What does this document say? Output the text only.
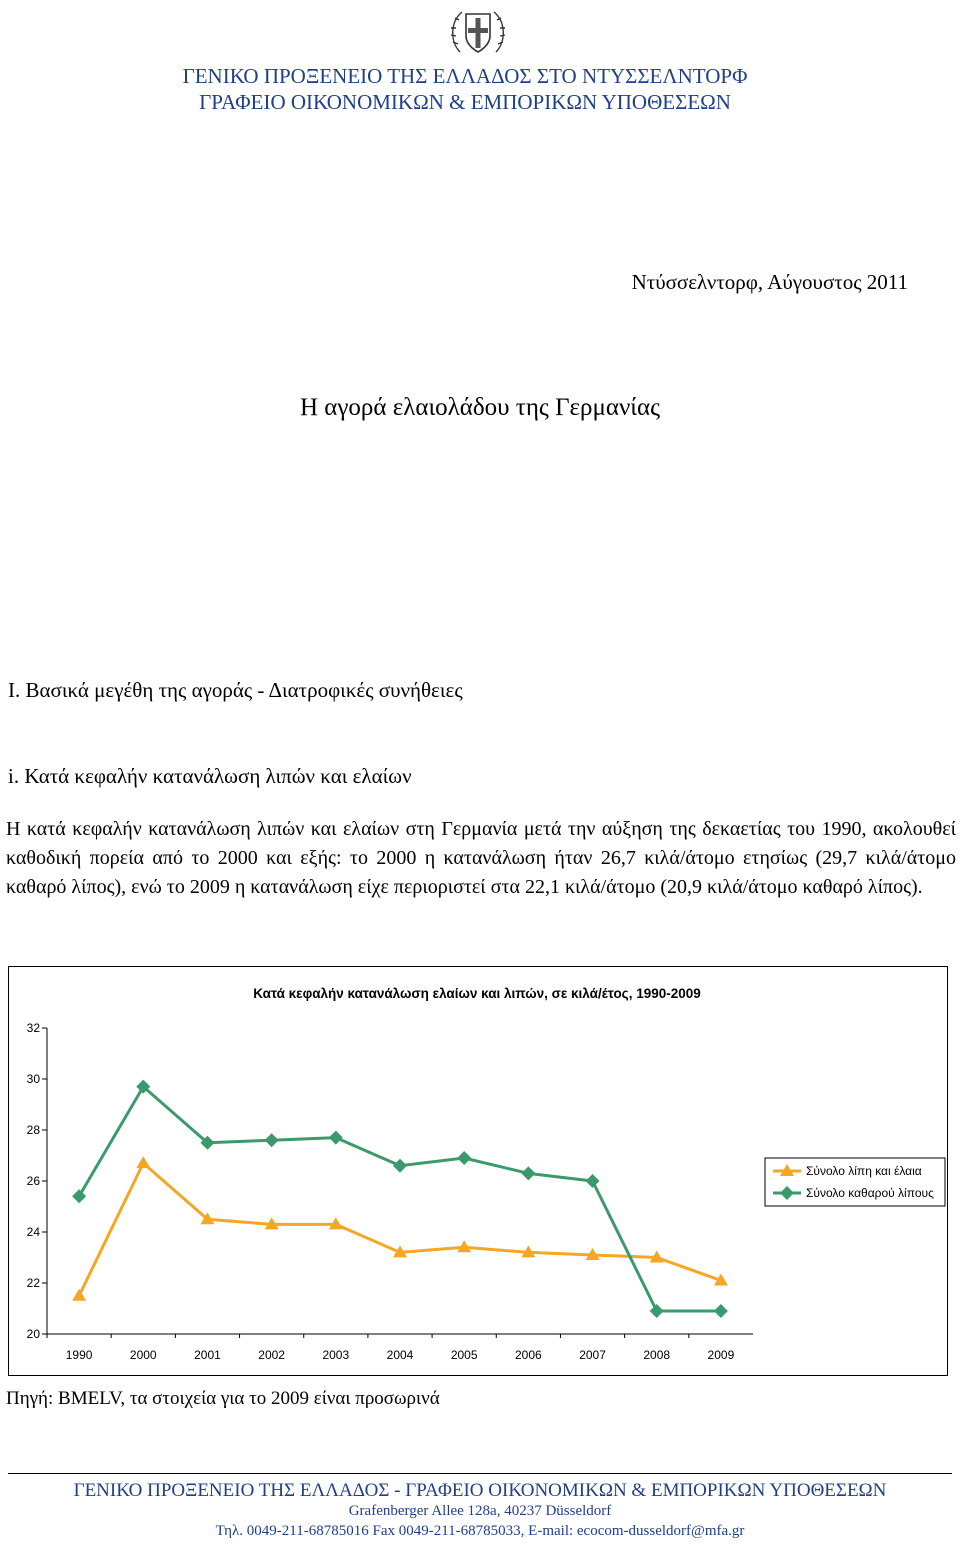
ΓΕΝΙΚΟ ΠΡΟΞΕΝΕΙΟ ΤΗΣ ΕΛΛΑΔΟΣ ΣΤΟ ΝΤΥΣΣΕΛΝΤΟΡΦ
ΓΡΑΦΕΙΟ ΟΙΚΟΝΟΜΙΚΩΝ & ΕΜΠΟΡΙΚΩΝ ΥΠΟΘΕΣΕΩΝ
Ντύσσελντορφ, Αύγουστος 2011
Η αγορά ελαιολάδου της Γερμανίας
Ι. Βασικά μεγέθη της αγοράς - Διατροφικές συνήθειες
i. Κατά κεφαλήν κατανάλωση λιπών και ελαίων
Η κατά κεφαλήν κατανάλωση λιπών και ελαίων στη Γερμανία μετά την αύξηση της δεκαετίας του 1990, ακολουθεί καθοδική πορεία από το 2000 και εξής: το 2000 η κατανάλωση ήταν 26,7 κιλά/άτομο ετησίως (29,7 κιλά/άτομο καθαρό λίπος), ενώ το 2009 η κατανάλωση είχε περιοριστεί στα 22,1 κιλά/άτομο (20,9 κιλά/άτομο καθαρό λίπος).
Κατά κεφαλήν κατανάλωση ελαίων και λιπών, σε κιλά/έτος, 1990-2009
20
22
24
26
28
30
32
1990	2000	2001	2002	2003	2004	2005	2006	2007	2008	2009
Σύνολο λίπη και έλαια
Σύνολο καθαρού λίπους
Πηγή: BMELV, τα στοιχεία για το 2009 είναι προσωρινά
ΓΕΝΙΚΟ ΠΡΟΞΕΝΕΙΟ ΤΗΣ ΕΛΛΑΔΟΣ - ΓΡΑΦΕΙΟ ΟΙΚΟΝΟΜΙΚΩΝ & ΕΜΠΟΡΙΚΩΝ ΥΠΟΘΕΣΕΩΝ
Grafenberger Allee 128a, 40237 Düsseldorf
Τηλ. 0049-211-68785016 Fax 0049-211-68785033, E-mail: ecocom-dusseldorf@mfa.gr
